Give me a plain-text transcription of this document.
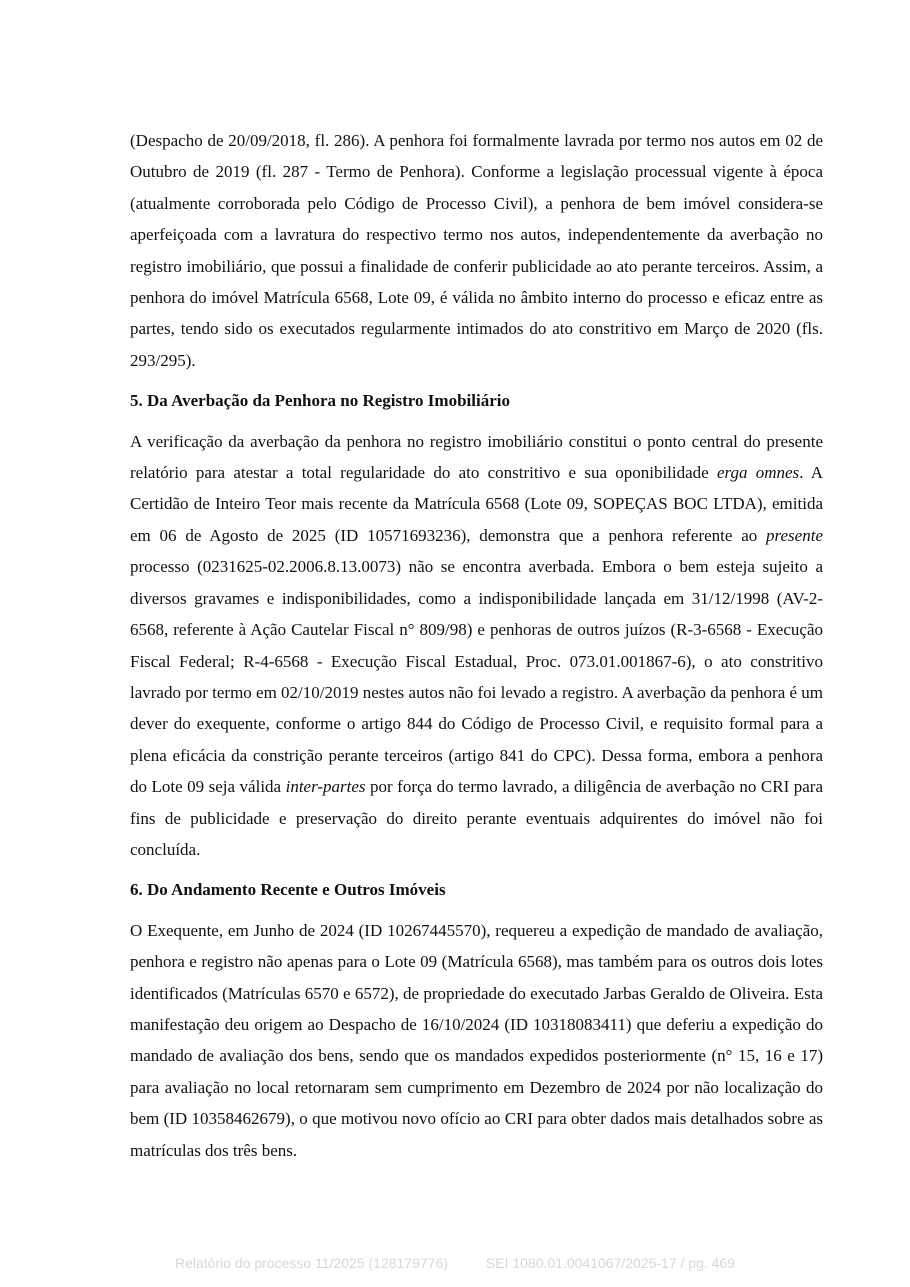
(Despacho de 20/09/2018, fl. 286). A penhora foi formalmente lavrada por termo nos autos em 02 de Outubro de 2019 (fl. 287 - Termo de Penhora). Conforme a legislação processual vigente à época (atualmente corroborada pelo Código de Processo Civil), a penhora de bem imóvel considera-se aperfeiçoada com a lavratura do respectivo termo nos autos, independentemente da averbação no registro imobiliário, que possui a finalidade de conferir publicidade ao ato perante terceiros. Assim, a penhora do imóvel Matrícula 6568, Lote 09, é válida no âmbito interno do processo e eficaz entre as partes, tendo sido os executados regularmente intimados do ato constritivo em Março de 2020 (fls. 293/295).

5. Da Averbação da Penhora no Registro Imobiliário

A verificação da averbação da penhora no registro imobiliário constitui o ponto central do presente relatório para atestar a total regularidade do ato constritivo e sua oponibilidade erga omnes. A Certidão de Inteiro Teor mais recente da Matrícula 6568 (Lote 09, SOPEÇAS BOC LTDA), emitida em 06 de Agosto de 2025 (ID 10571693236), demonstra que a penhora referente ao presente processo (0231625-02.2006.8.13.0073) não se encontra averbada. Embora o bem esteja sujeito a diversos gravames e indisponibilidades, como a indisponibilidade lançada em 31/12/1998 (AV-2-6568, referente à Ação Cautelar Fiscal n° 809/98) e penhoras de outros juízos (R-3-6568 - Execução Fiscal Federal; R-4-6568 - Execução Fiscal Estadual, Proc. 073.01.001867-6), o ato constritivo lavrado por termo em 02/10/2019 nestes autos não foi levado a registro. A averbação da penhora é um dever do exequente, conforme o artigo 844 do Código de Processo Civil, e requisito formal para a plena eficácia da constrição perante terceiros (artigo 841 do CPC). Dessa forma, embora a penhora do Lote 09 seja válida inter-partes por força do termo lavrado, a diligência de averbação no CRI para fins de publicidade e preservação do direito perante eventuais adquirentes do imóvel não foi concluída.

6. Do Andamento Recente e Outros Imóveis

O Exequente, em Junho de 2024 (ID 10267445570), requereu a expedição de mandado de avaliação, penhora e registro não apenas para o Lote 09 (Matrícula 6568), mas também para os outros dois lotes identificados (Matrículas 6570 e 6572), de propriedade do executado Jarbas Geraldo de Oliveira. Esta manifestação deu origem ao Despacho de 16/10/2024 (ID 10318083411) que deferiu a expedição do mandado de avaliação dos bens, sendo que os mandados expedidos posteriormente (n° 15, 16 e 17) para avaliação no local retornaram sem cumprimento em Dezembro de 2024 por não localização do bem (ID 10358462679), o que motivou novo ofício ao CRI para obter dados mais detalhados sobre as matrículas dos três bens.

Relatório do processo 11/2025 (128179776)	SEI 1080.01.0041067/2025-17 / pg. 469
